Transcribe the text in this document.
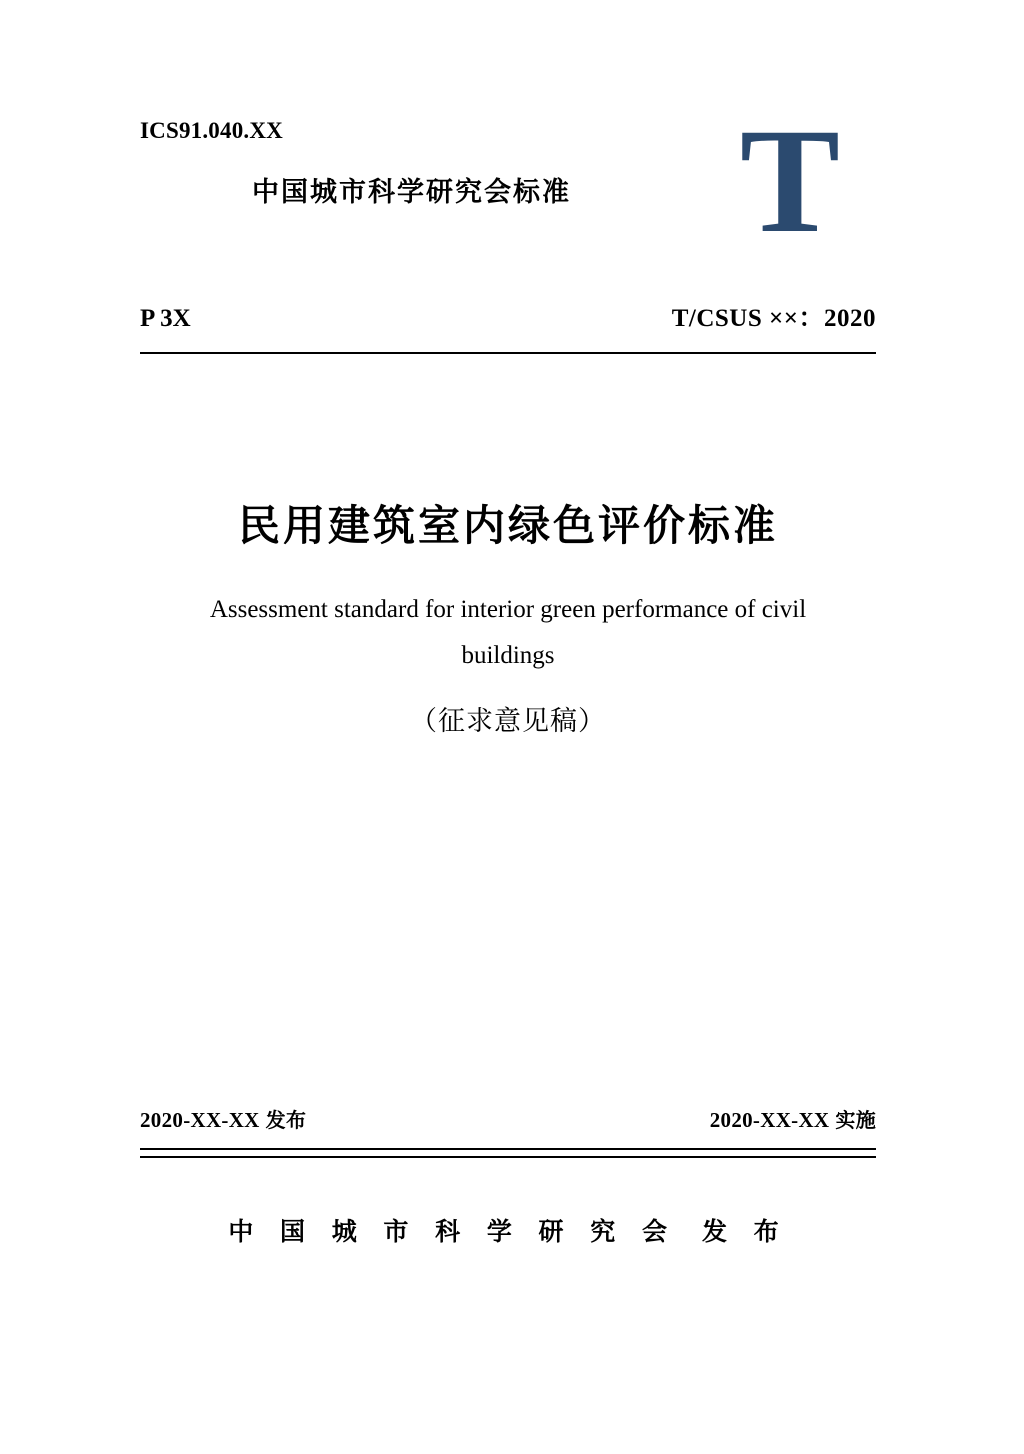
ICS91.040.XX
中国城市科学研究会标准	T
P 3X	T/CSUS ××：2020
民用建筑室内绿色评价标准
Assessment standard for interior green performance of civil
buildings
（征求意见稿）
2020-XX-XX 发布	2020-XX-XX 实施
中 国 城 市 科 学 研 究 会 发 布
